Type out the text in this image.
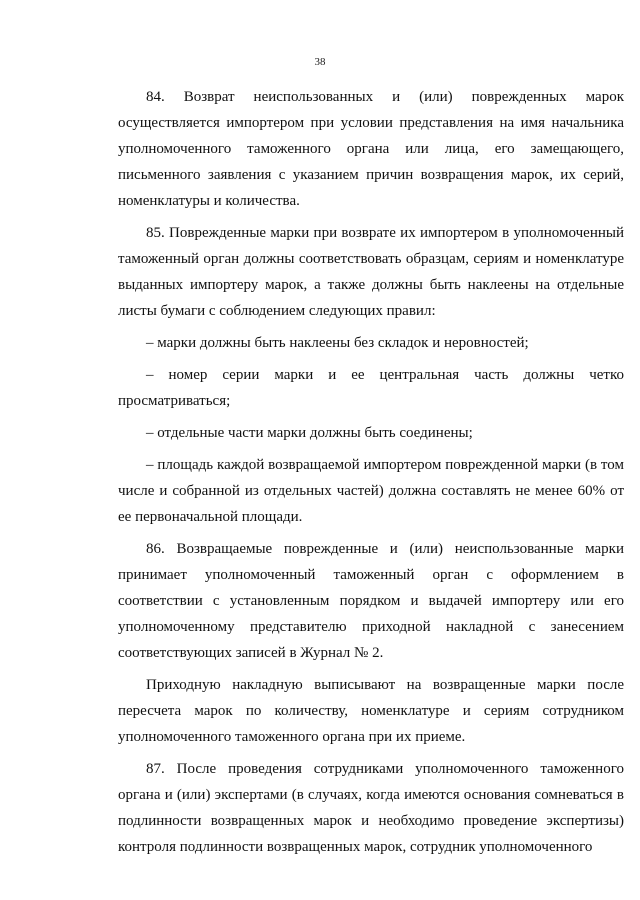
38

84. Возврат неиспользованных и (или) поврежденных марок осуществляется импортером при условии представления на имя начальника уполномоченного таможенного органа или лица, его замещающего, письменного заявления с указанием причин возвращения марок, их серий, номенклатуры и количества.

85. Поврежденные марки при возврате их импортером в уполномоченный таможенный орган должны соответствовать образцам, сериям и номенклатуре выданных импортеру марок, а также должны быть наклеены на отдельные листы бумаги с соблюдением следующих правил:

– марки должны быть наклеены без складок и неровностей;

– номер серии марки и ее центральная часть должны четко просматриваться;

– отдельные части марки должны быть соединены;

– площадь каждой возвращаемой импортером поврежденной марки (в том числе и собранной из отдельных частей) должна составлять не менее 60% от ее первоначальной площади.

86. Возвращаемые поврежденные и (или) неиспользованные марки принимает уполномоченный таможенный орган с оформлением в соответствии с установленным порядком и выдачей импортеру или его уполномоченному представителю приходной накладной с занесением соответствующих записей в Журнал № 2.

Приходную накладную выписывают на возвращенные марки после пересчета марок по количеству, номенклатуре и сериям сотрудником уполномоченного таможенного органа при их приеме.

87. После проведения сотрудниками уполномоченного таможенного органа и (или) экспертами (в случаях, когда имеются основания сомневаться в подлинности возвращенных марок и необходимо проведение экспертизы) контроля подлинности возвращенных марок, сотрудник уполномоченного
